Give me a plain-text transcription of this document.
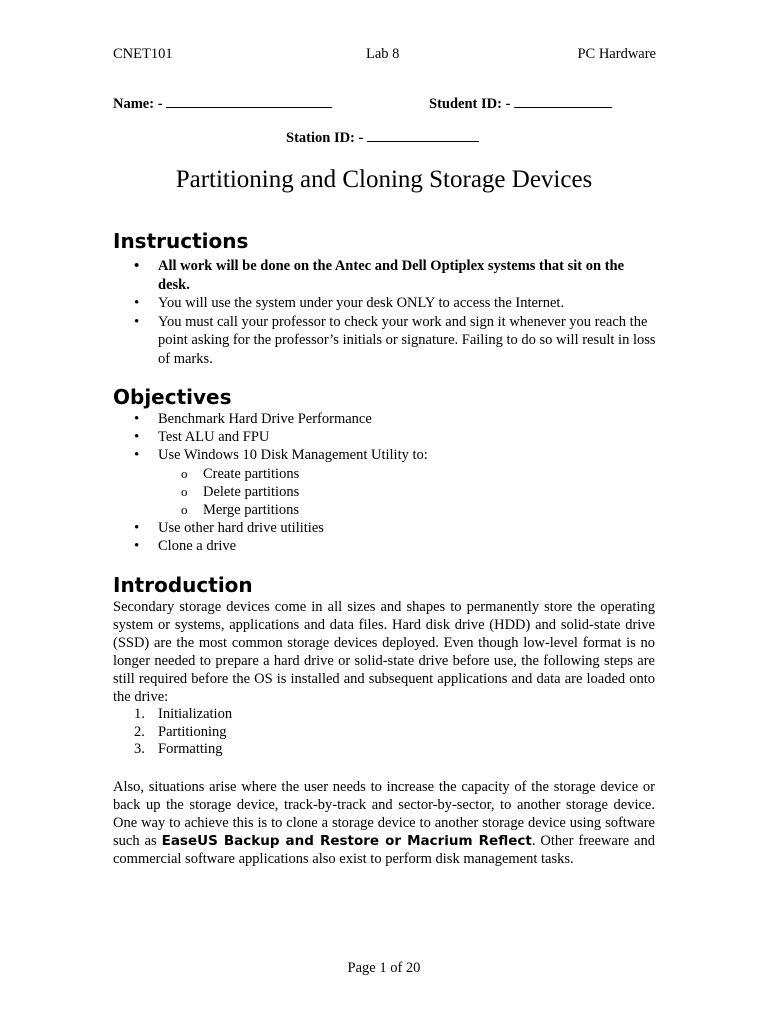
CNET101	Lab 8	PC Hardware
Name: -	Student ID: -
Station ID: -
Partitioning and Cloning Storage Devices
Instructions
• All work will be done on the Antec and Dell Optiplex systems that sit on the desk.
• You will use the system under your desk ONLY to access the Internet.
• You must call your professor to check your work and sign it whenever you reach the point asking for the professor’s initials or signature. Failing to do so will result in loss of marks.
Objectives
• Benchmark Hard Drive Performance
• Test ALU and FPU
• Use Windows 10 Disk Management Utility to:
o Create partitions
o Delete partitions
o Merge partitions
• Use other hard drive utilities
• Clone a drive
Introduction

Secondary storage devices come in all sizes and shapes to permanently store the operating system or systems, applications and data files. Hard disk drive (HDD) and solid-state drive (SSD) are the most common storage devices deployed. Even though low-level format is no longer needed to prepare a hard drive or solid-state drive before use, the following steps are still required before the OS is installed and subsequent applications and data are loaded onto the drive:

1. Initialization
2. Partitioning
3. Formatting

Also, situations arise where the user needs to increase the capacity of the storage device or back up the storage device, track-by-track and sector-by-sector, to another storage device. One way to achieve this is to clone a storage device to another storage device using software such as EaseUS Backup and Restore or Macrium Reflect. Other freeware and commercial software applications also exist to perform disk management tasks.

Page 1 of 20
